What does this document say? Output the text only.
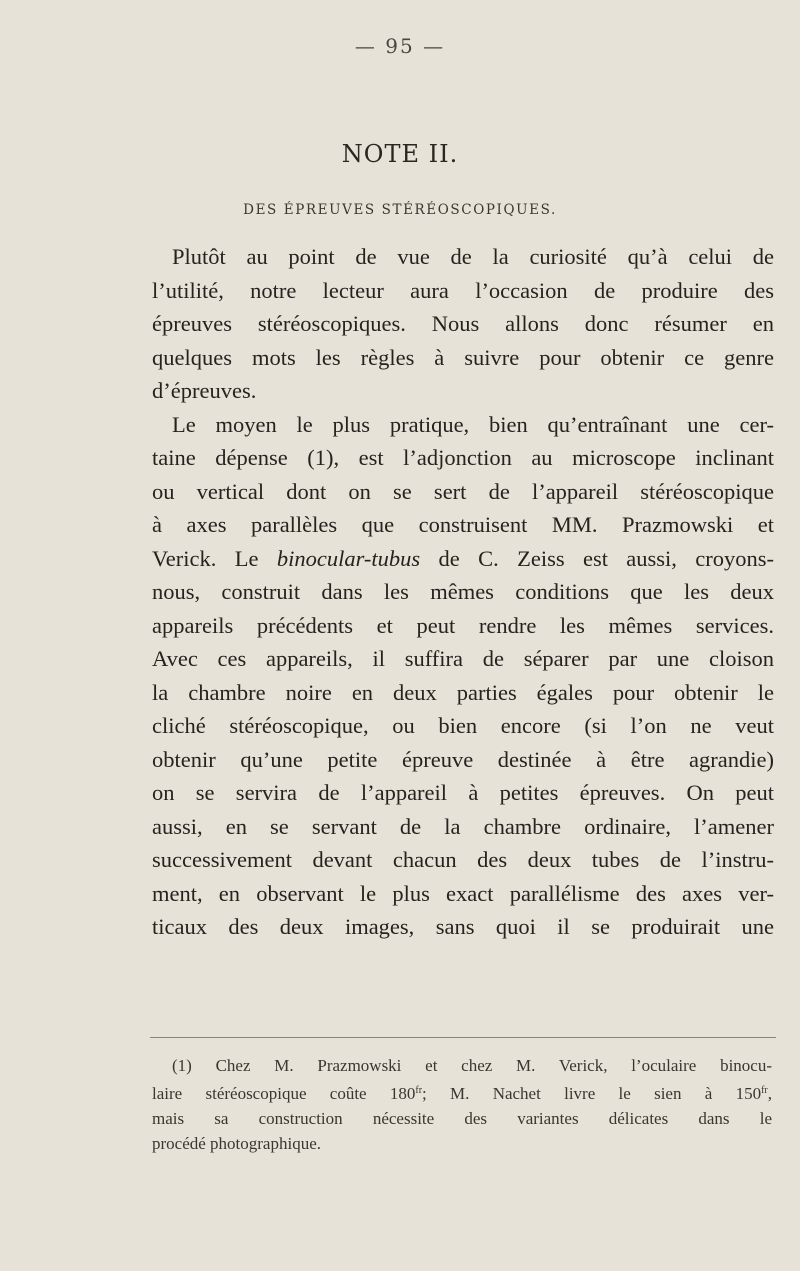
— 95 —
NOTE II.
DES ÉPREUVES STÉRÉOSCOPIQUES.
Plutôt au point de vue de la curiosité qu’à celui de
l’utilité, notre lecteur aura l’occasion de produire des
épreuves stéréoscopiques. Nous allons donc résumer en
quelques mots les règles à suivre pour obtenir ce genre
d’épreuves.
Le moyen le plus pratique, bien qu’entraînant une cer-
taine dépense (1), est l’adjonction au microscope inclinant
ou vertical dont on se sert de l’appareil stéréoscopique
à axes parallèles que construisent MM. Prazmowski et
Verick. Le binocular-tubus de C. Zeiss est aussi, croyons-
nous, construit dans les mêmes conditions que les deux
appareils précédents et peut rendre les mêmes services.
Avec ces appareils, il suffira de séparer par une cloison
la chambre noire en deux parties égales pour obtenir le
cliché stéréoscopique, ou bien encore (si l’on ne veut
obtenir qu’une petite épreuve destinée à être agrandie)
on se servira de l’appareil à petites épreuves. On peut
aussi, en se servant de la chambre ordinaire, l’amener
successivement devant chacun des deux tubes de l’instru-
ment, en observant le plus exact parallélisme des axes ver-
ticaux des deux images, sans quoi il se produirait une
(1) Chez M. Prazmowski et chez M. Verick, l’oculaire binocu-
laire stéréoscopique coûte $180^{fr}$; M. Nachet livre le sien à $150^{fr}$,
mais sa construction nécessite des variantes délicates dans le
procédé photographique.
